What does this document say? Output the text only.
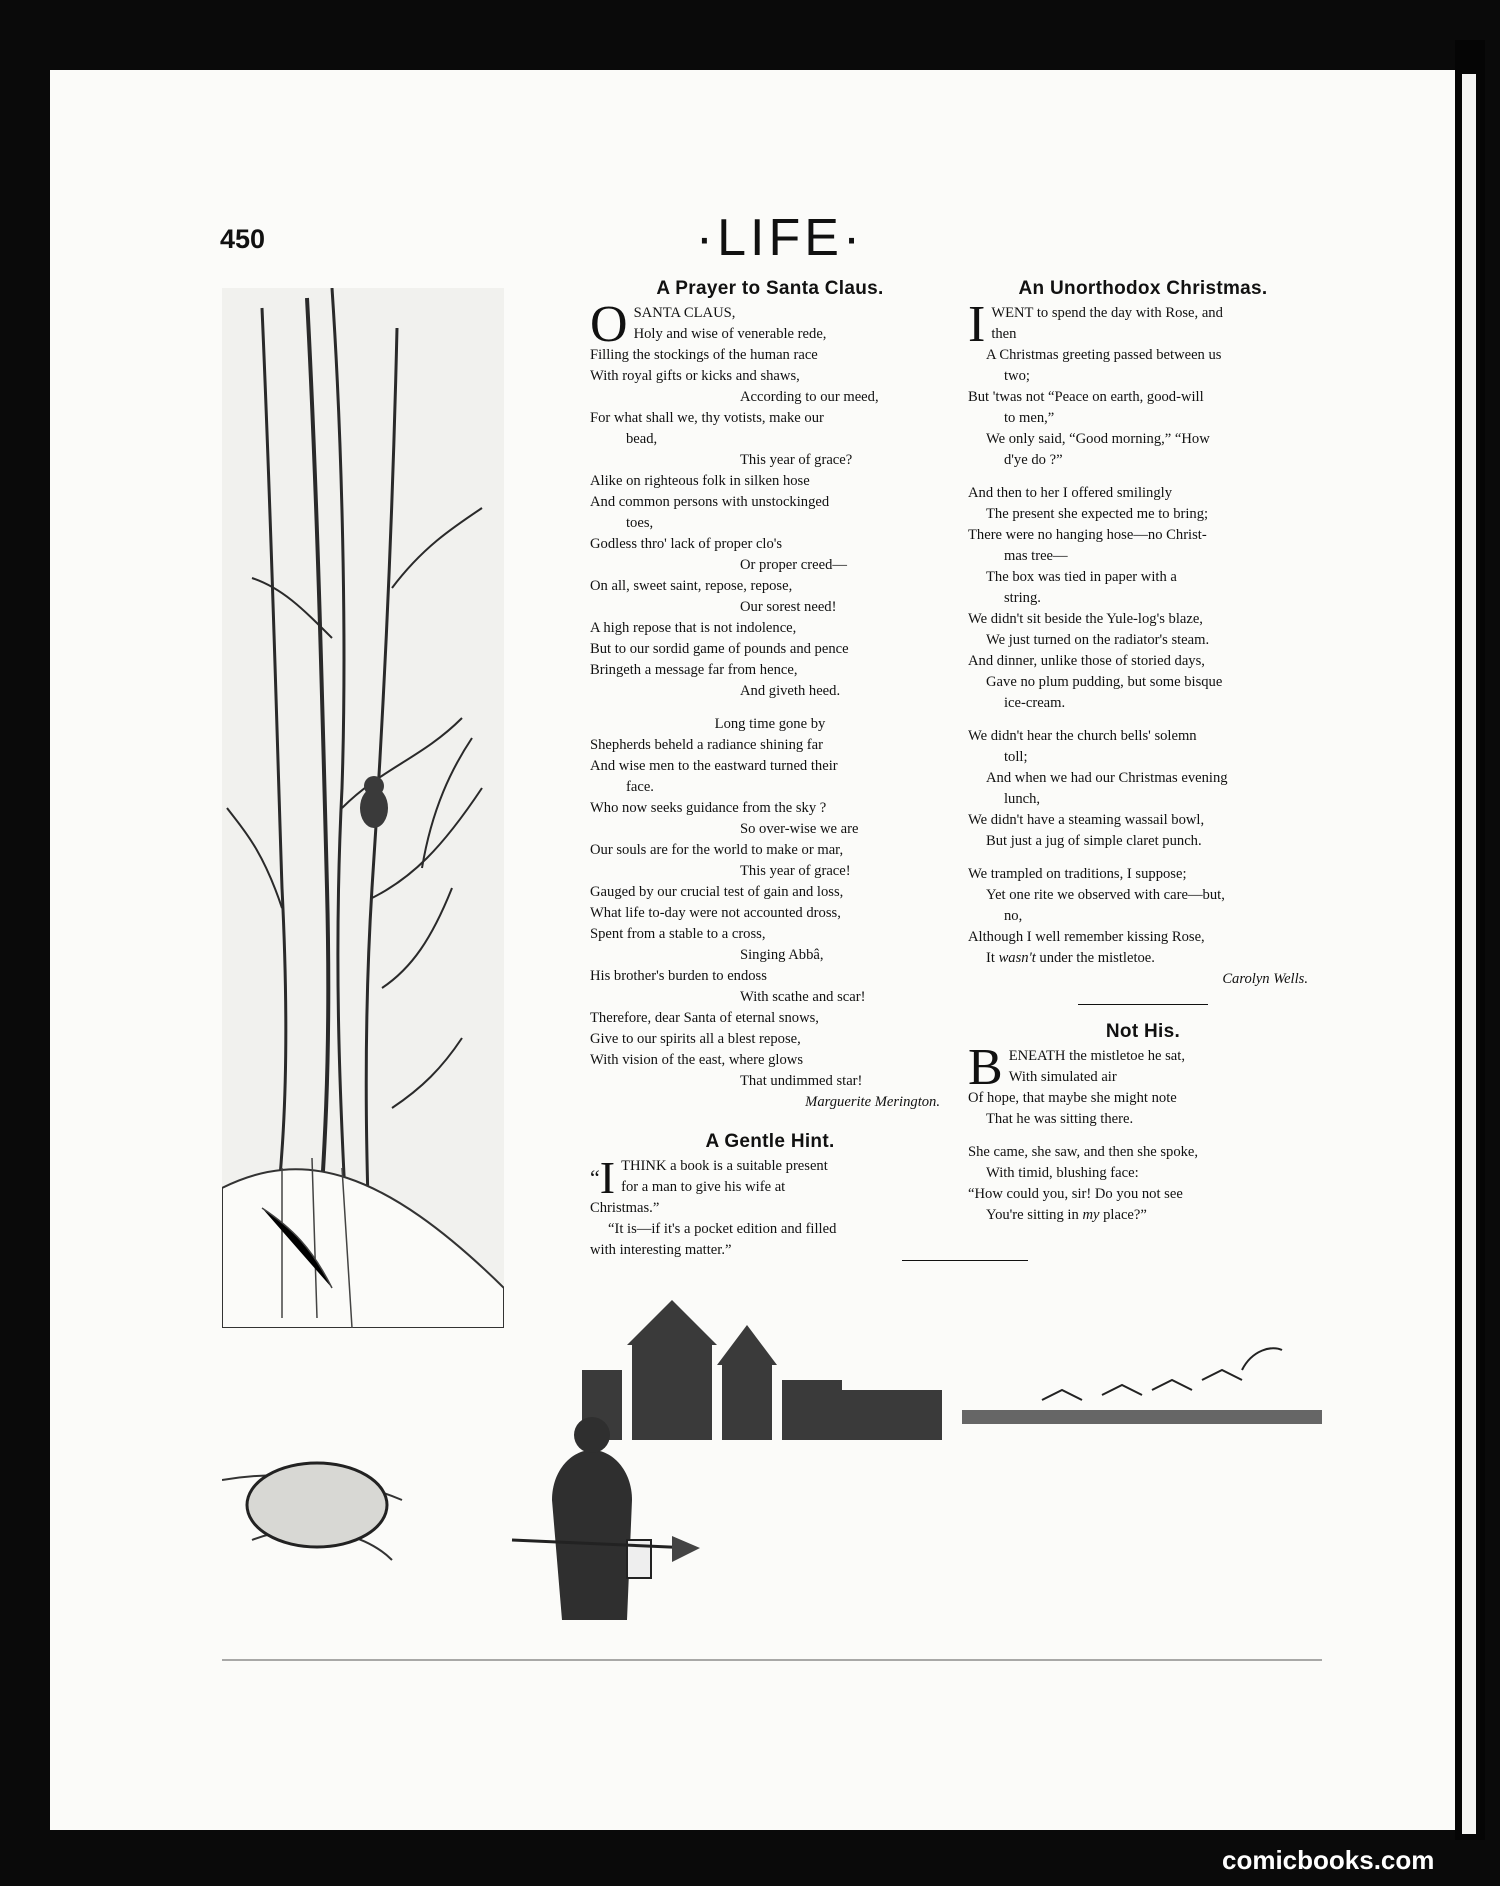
450	·LIFE·
A Prayer to Santa Claus.
O SANTA CLAUS,
Holy and wise of venerable rede,
Filling the stockings of the human race
With royal gifts or kicks and shaws,
According to our meed,
For what shall we, thy votists, make our
bead,
This year of grace?
Alike on righteous folk in silken hose
And common persons with unstockinged
toes,
Godless thro' lack of proper clo's
Or proper creed—
On all, sweet saint, repose, repose,
Our sorest need!
A high repose that is not indolence,
But to our sordid game of pounds and pence
Bringeth a message far from hence,
And giveth heed.
Long time gone by
Shepherds beheld a radiance shining far
And wise men to the eastward turned their
face.
Who now seeks guidance from the sky ?
So over-wise we are
Our souls are for the world to make or mar,
This year of grace!
Gauged by our crucial test of gain and loss,
What life to-day were not accounted dross,
Spent from a stable to a cross,
Singing Abbâ,
His brother's burden to endoss
With scathe and scar!
Therefore, dear Santa of eternal snows,
Give to our spirits all a blest repose,
With vision of the east, where glows
That undimmed star!
Marguerite Merington.
A Gentle Hint.
“I THINK a book is a suitable present
for a man to give his wife at
Christmas.”
“It is—if it's a pocket edition and filled
with interesting matter.”
An Unorthodox Christmas.
I WENT to spend the day with Rose, and
then
A Christmas greeting passed between us
two;
But 'twas not “Peace on earth, good-will
to men,”
We only said, “Good morning,” “How
d'ye do ?”
And then to her I offered smilingly
The present she expected me to bring;
There were no hanging hose—no Christ-
mas tree—
The box was tied in paper with a
string.
We didn't sit beside the Yule-log's blaze,
We just turned on the radiator's steam.
And dinner, unlike those of storied days,
Gave no plum pudding, but some bisque
ice-cream.
We didn't hear the church bells' solemn
toll;
And when we had our Christmas evening
lunch,
We didn't have a steaming wassail bowl,
But just a jug of simple claret punch.
We trampled on traditions, I suppose;
Yet one rite we observed with care—but,
no,
Although I well remember kissing Rose,
It wasn't under the mistletoe.
Carolyn Wells.
Not His.
B ENEATH the mistletoe he sat,
With simulated air
Of hope, that maybe she might note
That he was sitting there.
She came, she saw, and then she spoke,
With timid, blushing face:
“How could you, sir! Do you not see
You're sitting in my place?”
comicbooks.com
